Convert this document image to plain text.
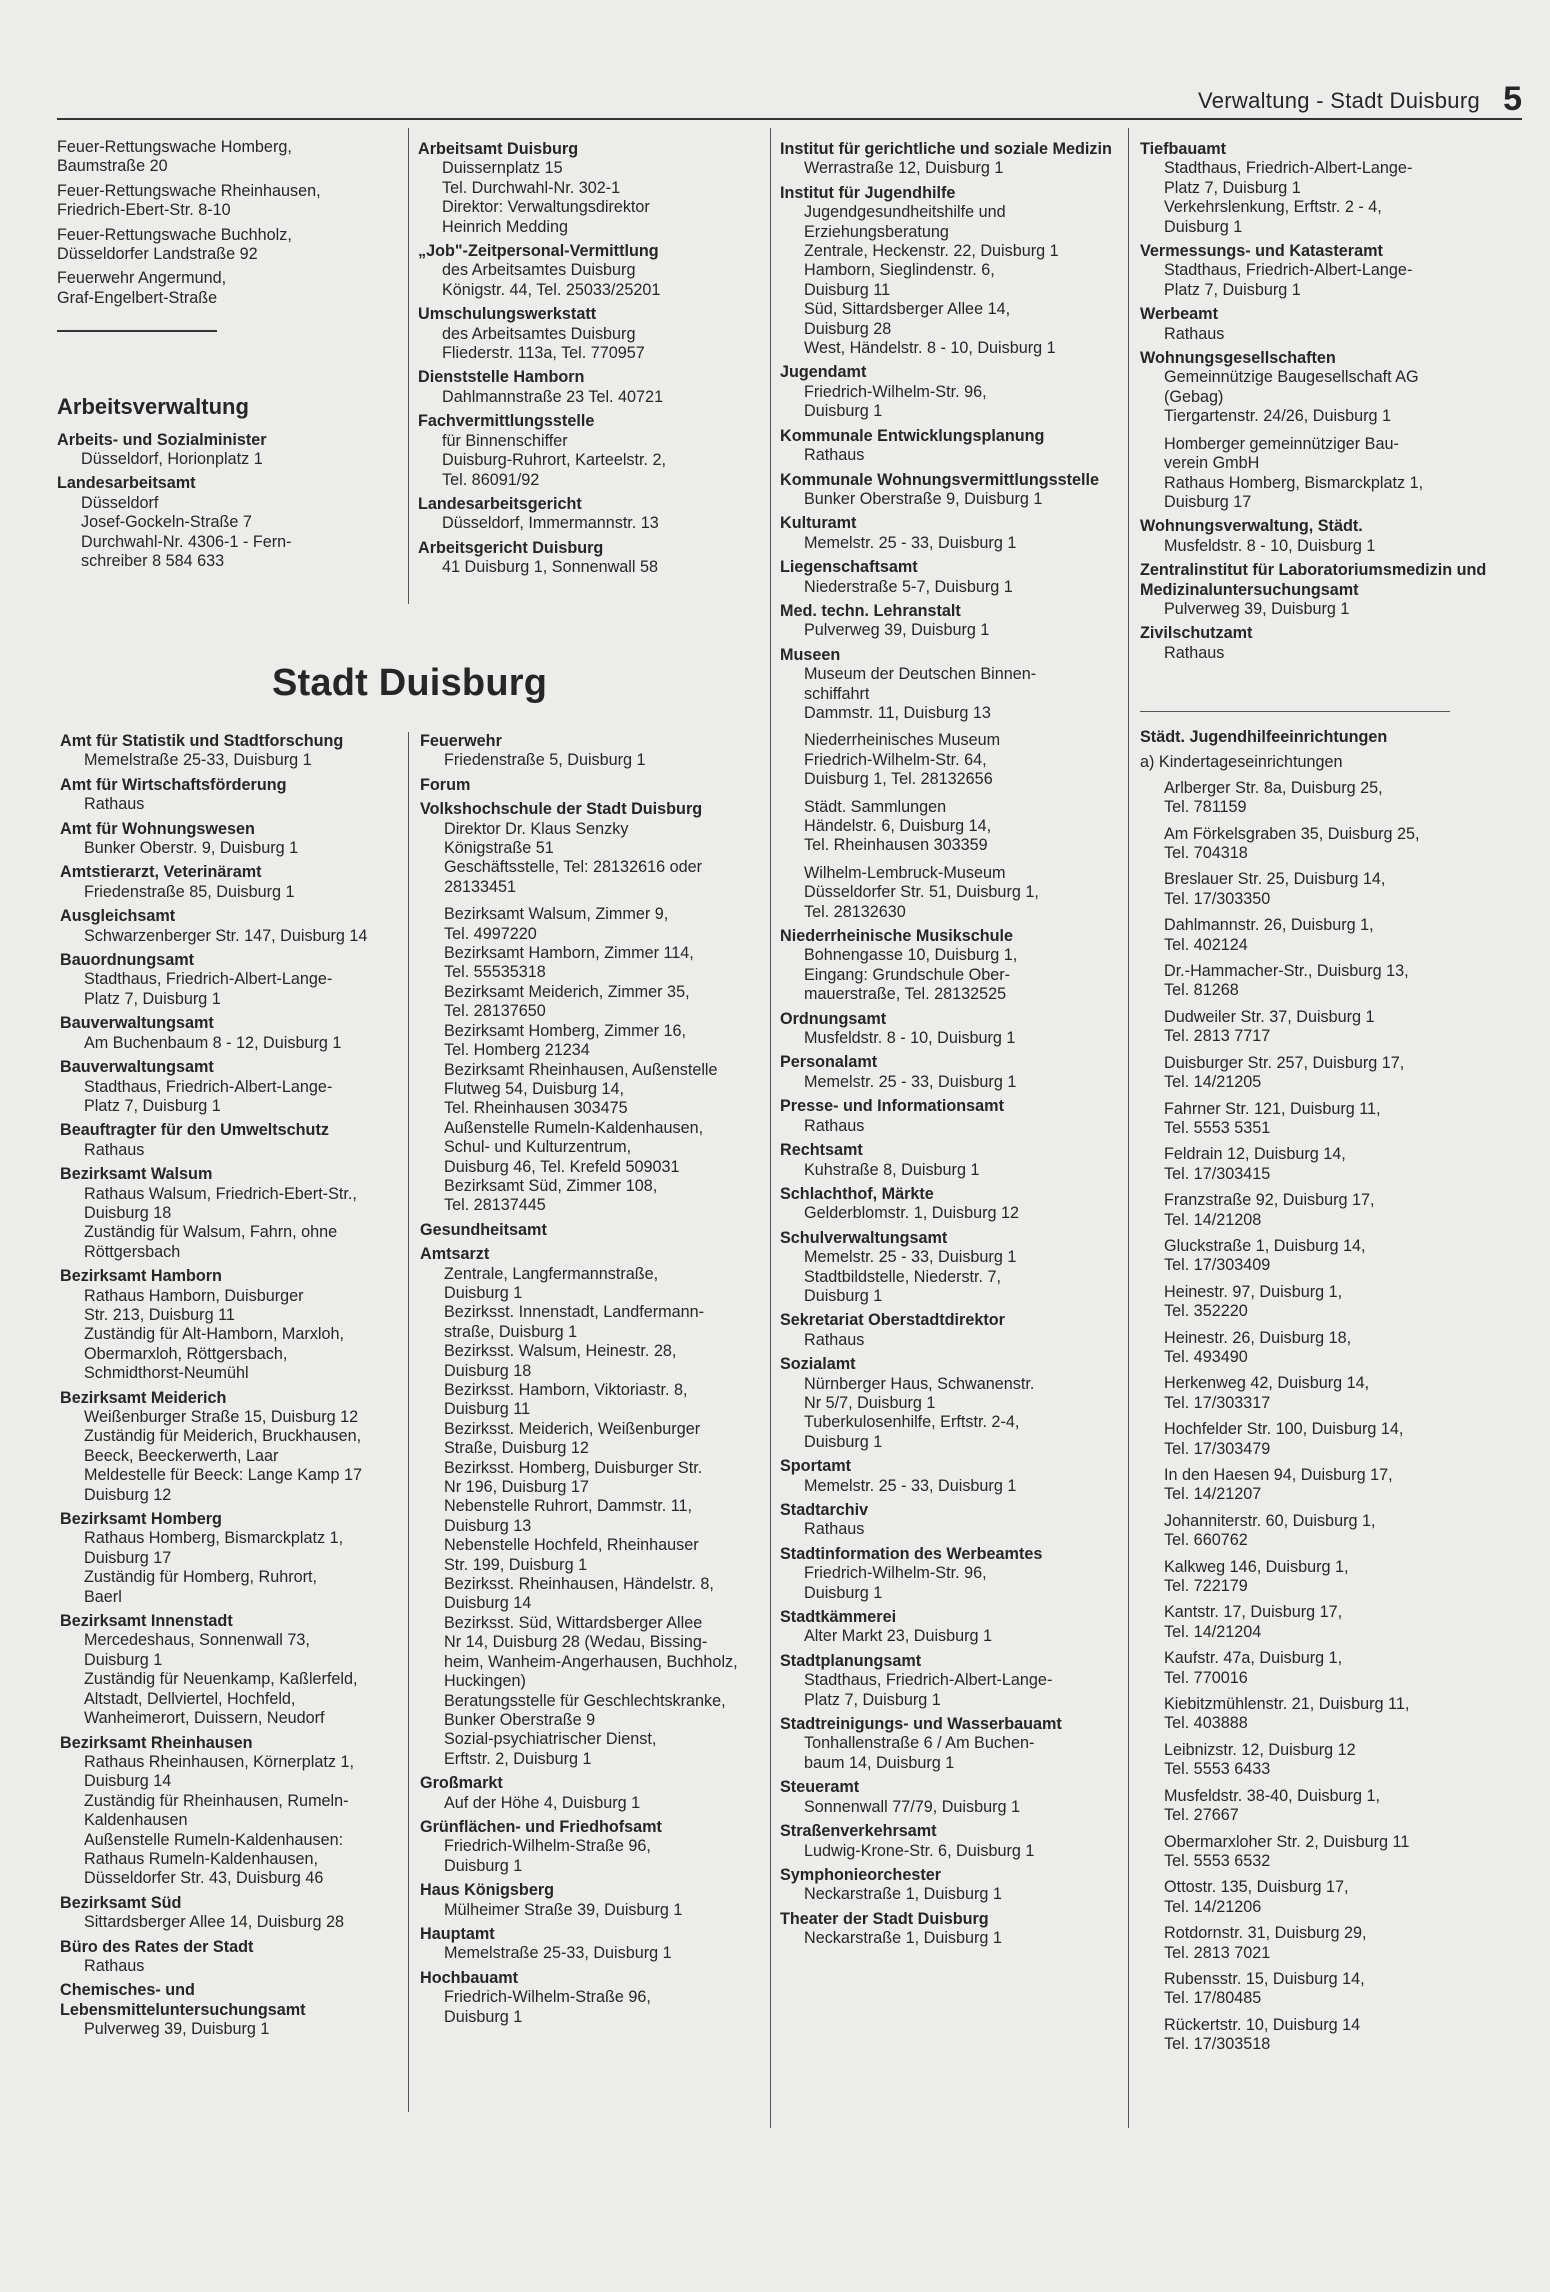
Verwaltung - Stadt Duisburg 5

Feuer-Rettungswache Homberg,

Baumstraße 20

Feuer-Rettungswache Rheinhausen,

Friedrich-Ebert-Str. 8-10

Feuer-Rettungswache Buchholz,

Düsseldorfer Landstraße 92

Feuerwehr Angermund,

Graf-Engelbert-Straße

Arbeitsverwaltung

Arbeits- und Sozialminister

Düsseldorf, Horionplatz 1

Landesarbeitsamt

Düsseldorf

Josef-Gockeln-Straße 7

Durchwahl-Nr. 4306-1 - Fern-

schreiber 8 584 633

Arbeitsamt Duisburg

Duissernplatz 15

Tel. Durchwahl-Nr. 302-1

Direktor: Verwaltungsdirektor

Heinrich Medding

„Job"-Zeitpersonal-Vermittlung

des Arbeitsamtes Duisburg

Königstr. 44, Tel. 25033/25201

Umschulungswerkstatt

des Arbeitsamtes Duisburg

Fliederstr. 113a, Tel. 770957

Dienststelle Hamborn

Dahlmannstraße 23 Tel. 40721

Fachvermittlungsstelle

für Binnenschiffer

Duisburg-Ruhrort, Karteelstr. 2,

Tel. 86091/92

Landesarbeitsgericht

Düsseldorf, Immermannstr. 13

Arbeitsgericht Duisburg

41 Duisburg 1, Sonnenwall 58

Stadt Duisburg

Amt für Statistik und Stadtforschung

Memelstraße 25-33, Duisburg 1

Amt für Wirtschaftsförderung

Rathaus

Amt für Wohnungswesen

Bunker Oberstr. 9, Duisburg 1

Amtstierarzt, Veterinäramt

Friedenstraße 85, Duisburg 1

Ausgleichsamt

Schwarzenberger Str. 147, Duisburg 14

Bauordnungsamt

Stadthaus, Friedrich-Albert-Lange-

Platz 7, Duisburg 1

Bauverwaltungsamt

Am Buchenbaum 8 - 12, Duisburg 1

Bauverwaltungsamt

Stadthaus, Friedrich-Albert-Lange-

Platz 7, Duisburg 1

Beauftragter für den Umweltschutz

Rathaus

Bezirksamt Walsum

Rathaus Walsum, Friedrich-Ebert-Str.,

Duisburg 18

Zuständig für Walsum, Fahrn, ohne

Röttgersbach

Bezirksamt Hamborn

Rathaus Hamborn, Duisburger

Str. 213, Duisburg 11

Zuständig für Alt-Hamborn, Marxloh,

Obermarxloh, Röttgersbach,

Schmidthorst-Neumühl

Bezirksamt Meiderich

Weißenburger Straße 15, Duisburg 12

Zuständig für Meiderich, Bruckhausen,

Beeck, Beeckerwerth, Laar

Meldestelle für Beeck: Lange Kamp 17

Duisburg 12

Bezirksamt Homberg

Rathaus Homberg, Bismarckplatz 1,

Duisburg 17

Zuständig für Homberg, Ruhrort,

Baerl

Bezirksamt Innenstadt

Mercedeshaus, Sonnenwall 73,

Duisburg 1

Zuständig für Neuenkamp, Kaßlerfeld,

Altstadt, Dellviertel, Hochfeld,

Wanheimerort, Duissern, Neudorf

Bezirksamt Rheinhausen

Rathaus Rheinhausen, Körnerplatz 1,

Duisburg 14

Zuständig für Rheinhausen, Rumeln-

Kaldenhausen

Außenstelle Rumeln-Kaldenhausen:

Rathaus Rumeln-Kaldenhausen,

Düsseldorfer Str. 43, Duisburg 46

Bezirksamt Süd

Sittardsberger Allee 14, Duisburg 28

Büro des Rates der Stadt

Rathaus

Chemisches- und Lebensmitteluntersuchungsamt

Pulverweg 39, Duisburg 1

Feuerwehr

Friedenstraße 5, Duisburg 1

Forum

Volkshochschule der Stadt Duisburg

Direktor Dr. Klaus Senzky

Königstraße 51

Geschäftsstelle, Tel: 28132616 oder

28133451

Bezirksamt Walsum, Zimmer 9,

Tel. 4997220

Bezirksamt Hamborn, Zimmer 114,

Tel. 55535318

Bezirksamt Meiderich, Zimmer 35,

Tel. 28137650

Bezirksamt Homberg, Zimmer 16,

Tel. Homberg 21234

Bezirksamt Rheinhausen, Außenstelle

Flutweg 54, Duisburg 14,

Tel. Rheinhausen 303475

Außenstelle Rumeln-Kaldenhausen,

Schul- und Kulturzentrum,

Duisburg 46, Tel. Krefeld 509031

Bezirksamt Süd, Zimmer 108,

Tel. 28137445

Gesundheitsamt

Amtsarzt

Zentrale, Langfermannstraße,

Duisburg 1

Bezirksst. Innenstadt, Landfermann-

straße, Duisburg 1

Bezirksst. Walsum, Heinestr. 28,

Duisburg 18

Bezirksst. Hamborn, Viktoriastr. 8,

Duisburg 11

Bezirksst. Meiderich, Weißenburger

Straße, Duisburg 12

Bezirksst. Homberg, Duisburger Str.

Nr 196, Duisburg 17

Nebenstelle Ruhrort, Dammstr. 11,

Duisburg 13

Nebenstelle Hochfeld, Rheinhauser

Str. 199, Duisburg 1

Bezirksst. Rheinhausen, Händelstr. 8,

Duisburg 14

Bezirksst. Süd, Wittardsberger Allee

Nr 14, Duisburg 28 (Wedau, Bissing-

heim, Wanheim-Angerhausen, Buchholz,

Huckingen)

Beratungsstelle für Geschlechtskranke,

Bunker Oberstraße 9

Sozial-psychiatrischer Dienst,

Erftstr. 2, Duisburg 1

Großmarkt

Auf der Höhe 4, Duisburg 1

Grünflächen- und Friedhofsamt

Friedrich-Wilhelm-Straße 96,

Duisburg 1

Haus Königsberg

Mülheimer Straße 39, Duisburg 1

Hauptamt

Memelstraße 25-33, Duisburg 1

Hochbauamt

Friedrich-Wilhelm-Straße 96,

Duisburg 1

Institut für gerichtliche und soziale Medizin

Werrastraße 12, Duisburg 1

Institut für Jugendhilfe

Jugendgesundheitshilfe und

Erziehungsberatung

Zentrale, Heckenstr. 22, Duisburg 1

Hamborn, Sieglindenstr. 6,

Duisburg 11

Süd, Sittardsberger Allee 14,

Duisburg 28

West, Händelstr. 8 - 10, Duisburg 1

Jugendamt

Friedrich-Wilhelm-Str. 96,

Duisburg 1

Kommunale Entwicklungsplanung

Rathaus

Kommunale Wohnungsvermittlungsstelle

Bunker Oberstraße 9, Duisburg 1

Kulturamt

Memelstr. 25 - 33, Duisburg 1

Liegenschaftsamt

Niederstraße 5-7, Duisburg 1

Med. techn. Lehranstalt

Pulverweg 39, Duisburg 1

Museen

Museum der Deutschen Binnen-

schiffahrt

Dammstr. 11, Duisburg 13

Niederrheinisches Museum

Friedrich-Wilhelm-Str. 64,

Duisburg 1, Tel. 28132656

Städt. Sammlungen

Händelstr. 6, Duisburg 14,

Tel. Rheinhausen 303359

Wilhelm-Lembruck-Museum

Düsseldorfer Str. 51, Duisburg 1,

Tel. 28132630

Niederrheinische Musikschule

Bohnengasse 10, Duisburg 1,

Eingang: Grundschule Ober-

mauerstraße, Tel. 28132525

Ordnungsamt

Musfeldstr. 8 - 10, Duisburg 1

Personalamt

Memelstr. 25 - 33, Duisburg 1

Presse- und Informationsamt

Rathaus

Rechtsamt

Kuhstraße 8, Duisburg 1

Schlachthof, Märkte

Gelderblomstr. 1, Duisburg 12

Schulverwaltungsamt

Memelstr. 25 - 33, Duisburg 1

Stadtbildstelle, Niederstr. 7,

Duisburg 1

Sekretariat Oberstadtdirektor

Rathaus

Sozialamt

Nürnberger Haus, Schwanenstr.

Nr 5/7, Duisburg 1

Tuberkulosenhilfe, Erftstr. 2-4,

Duisburg 1

Sportamt

Memelstr. 25 - 33, Duisburg 1

Stadtarchiv

Rathaus

Stadtinformation des Werbeamtes

Friedrich-Wilhelm-Str. 96,

Duisburg 1

Stadtkämmerei

Alter Markt 23, Duisburg 1

Stadtplanungsamt

Stadthaus, Friedrich-Albert-Lange-

Platz 7, Duisburg 1

Stadtreinigungs- und Wasserbauamt

Tonhallenstraße 6 / Am Buchen-

baum 14, Duisburg 1

Steueramt

Sonnenwall 77/79, Duisburg 1

Straßenverkehrsamt

Ludwig-Krone-Str. 6, Duisburg 1

Symphonieorchester

Neckarstraße 1, Duisburg 1

Theater der Stadt Duisburg

Neckarstraße 1, Duisburg 1

Tiefbauamt

Stadthaus, Friedrich-Albert-Lange-

Platz 7, Duisburg 1

Verkehrslenkung, Erftstr. 2 - 4,

Duisburg 1

Vermessungs- und Katasteramt

Stadthaus, Friedrich-Albert-Lange-

Platz 7, Duisburg 1

Werbeamt

Rathaus

Wohnungsgesellschaften

Gemeinnützige Baugesellschaft AG

(Gebag)

Tiergartenstr. 24/26, Duisburg 1

Homberger gemeinnütziger Bau-

verein GmbH

Rathaus Homberg, Bismarckplatz 1,

Duisburg 17

Wohnungsverwaltung, Städt.

Musfeldstr. 8 - 10, Duisburg 1

Zentralinstitut für Laboratoriumsmedizin und Medizinaluntersuchungsamt

Pulverweg 39, Duisburg 1

Zivilschutzamt

Rathaus

Städt. Jugendhilfeeinrichtungen

a) Kindertageseinrichtungen

Arlberger Str. 8a, Duisburg 25,

Tel. 781159

Am Förkelsgraben 35, Duisburg 25,

Tel. 704318

Breslauer Str. 25, Duisburg 14,

Tel. 17/303350

Dahlmannstr. 26, Duisburg 1,

Tel. 402124

Dr.-Hammacher-Str., Duisburg 13,

Tel. 81268

Dudweiler Str. 37, Duisburg 1

Tel. 2813 7717

Duisburger Str. 257, Duisburg 17,

Tel. 14/21205

Fahrner Str. 121, Duisburg 11,

Tel. 5553 5351

Feldrain 12, Duisburg 14,

Tel. 17/303415

Franzstraße 92, Duisburg 17,

Tel. 14/21208

Gluckstraße 1, Duisburg 14,

Tel. 17/303409

Heinestr. 97, Duisburg 1,

Tel. 352220

Heinestr. 26, Duisburg 18,

Tel. 493490

Herkenweg 42, Duisburg 14,

Tel. 17/303317

Hochfelder Str. 100, Duisburg 14,

Tel. 17/303479

In den Haesen 94, Duisburg 17,

Tel. 14/21207

Johanniterstr. 60, Duisburg 1,

Tel. 660762

Kalkweg 146, Duisburg 1,

Tel. 722179

Kantstr. 17, Duisburg 17,

Tel. 14/21204

Kaufstr. 47a, Duisburg 1,

Tel. 770016

Kiebitzmühlenstr. 21, Duisburg 11,

Tel. 403888

Leibnizstr. 12, Duisburg 12

Tel. 5553 6433

Musfeldstr. 38-40, Duisburg 1,

Tel. 27667

Obermarxloher Str. 2, Duisburg 11

Tel. 5553 6532

Ottostr. 135, Duisburg 17,

Tel. 14/21206

Rotdornstr. 31, Duisburg 29,

Tel. 2813 7021

Rubensstr. 15, Duisburg 14,

Tel. 17/80485

Rückertstr. 10, Duisburg 14

Tel. 17/303518
